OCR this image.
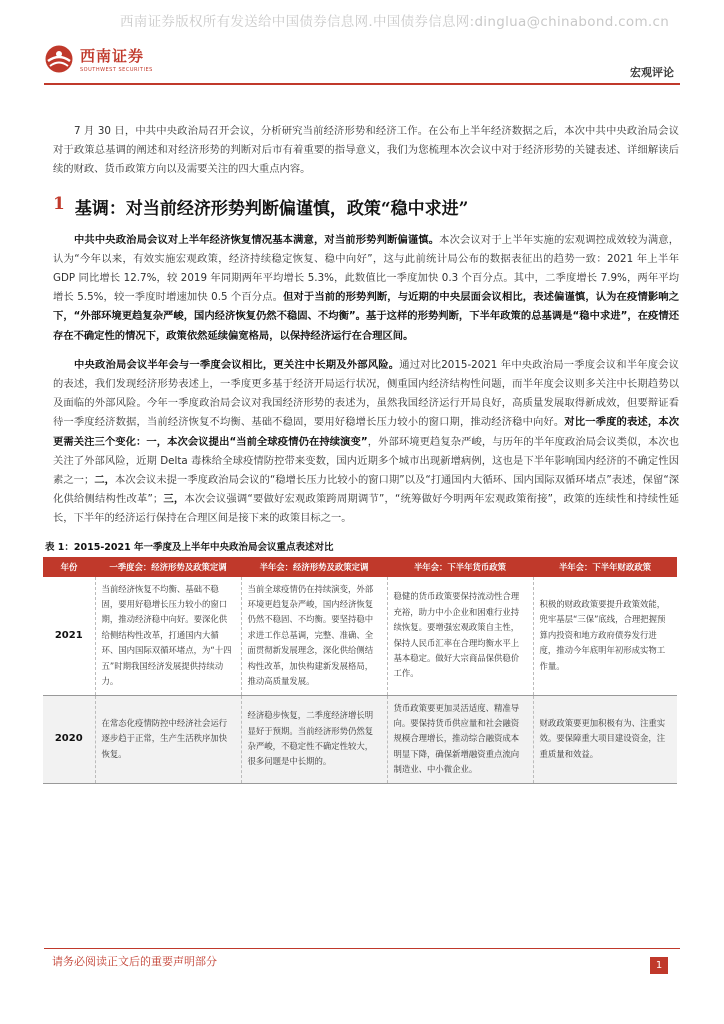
西南证券版权所有发送给中国债券信息网.中国债券信息网:dinglua@chinabond.com.cn
西南证券
SOUTHWEST SECURITIES	宏观评论

7 月 30 日，中共中央政治局召开会议，分析研究当前经济形势和经济工作。在公布上半年经济数据之后，本次中共中央政治局会议对于政策总基调的阐述和对经济形势的判断对后市有着重要的指导意义，我们为您梳理本次会议中对于经济形势的关键表述、详细解读后续的财政、货币政策方向以及需要关注的四大重点内容。

1 基调：对当前经济形势判断偏谨慎，政策“稳中求进”

中共中央政治局会议对上半年经济恢复情况基本满意，对当前形势判断偏谨慎。本次会议对于上半年实施的宏观调控成效较为满意，认为“今年以来，有效实施宏观政策，经济持续稳定恢复、稳中向好”，这与此前统计局公布的数据表征出的趋势一致：2021 年上半年 GDP 同比增长 12.7%，较 2019 年同期两年平均增长 5.3%，此数值比一季度加快 0.3 个百分点。其中，二季度增长 7.9%，两年平均增长 5.5%，较一季度时增速加快 0.5 个百分点。但对于当前的形势判断，与近期的中央层面会议相比，表述偏谨慎，认为在疫情影响之下，“外部环境更趋复杂严峻，国内经济恢复仍然不稳固、不均衡”。基于这样的形势判断，下半年政策的总基调是“稳中求进”，在疫情还存在不确定性的情况下，政策依然延续偏宽格局，以保持经济运行在合理区间。

中央政治局会议半年会与一季度会议相比，更关注中长期及外部风险。通过对比2015-2021 年中央政治局一季度会议和半年度会议的表述，我们发现经济形势表述上，一季度更多基于经济开局运行状况，侧重国内经济结构性问题，而半年度会议则多关注中长期趋势以及面临的外部风险。今年一季度政治局会议对我国经济形势的表述为，虽然我国经济运行开局良好，高质量发展取得新成效，但要辩证看待一季度经济数据，当前经济恢复不均衡、基础不稳固，要用好稳增长压力较小的窗口期，推动经济稳中向好。对比一季度的表述，本次更需关注三个变化：一，本次会议提出“当前全球疫情仍在持续演变”，外部环境更趋复杂严峻，与历年的半年度政治局会议类似，本次也关注了外部风险，近期 Delta 毒株给全球疫情防控带来变数，国内近期多个城市出现新增病例，这也是下半年影响国内经济的不确定性因素之一；二，本次会议未提一季度政治局会议的“稳增长压力比较小的窗口期”以及“打通国内大循环、国内国际双循环堵点”表述，保留“深化供给侧结构性改革”；三，本次会议强调“要做好宏观政策跨周期调节”，“统筹做好今明两年宏观政策衔接”，政策的连续性和持续性延长，下半年的经济运行保持在合理区间是接下来的政策目标之一。

表 1：2015-2021 年一季度及上半年中央政治局会议重点表述对比
年份	一季度会：经济形势及政策定调	半年会：经济形势及政策定调	半年会：下半年货币政策	半年会：下半年财政政策
2021	当前经济恢复不均衡、基础不稳固，要用好稳增长压力较小的窗口期，推动经济稳中向好。要深化供给侧结构性改革，打通国内大循环、国内国际双循环堵点，为“十四五”时期我国经济发展提供持续动力。	当前全球疫情仍在持续演变，外部环境更趋复杂严峻，国内经济恢复仍然不稳固、不均衡。要坚持稳中求进工作总基调，完整、准确、全面贯彻新发展理念，深化供给侧结构性改革，加快构建新发展格局，推动高质量发展。	稳健的货币政策要保持流动性合理充裕，助力中小企业和困难行业持续恢复。要增强宏观政策自主性，保持人民币汇率在合理均衡水平上基本稳定。做好大宗商品保供稳价工作。	积极的财政政策要提升政策效能，兜牢基层“三保”底线，合理把握预算内投资和地方政府债券发行进度，推动今年底明年初形成实物工作量。
2020	在常态化疫情防控中经济社会运行逐步趋于正常，生产生活秩序加快恢复。	经济稳步恢复，二季度经济增长明显好于预期。当前经济形势仍然复杂严峻，不稳定性不确定性较大，很多问题是中长期的。	货币政策要更加灵活适度、精准导向。要保持货币供应量和社会融资规模合理增长，推动综合融资成本明显下降，确保新增融资重点流向制造业、中小微企业。	财政政策要更加积极有为、注重实效。要保障重大项目建设资金，注重质量和效益。
请务必阅读正文后的重要声明部分	1
